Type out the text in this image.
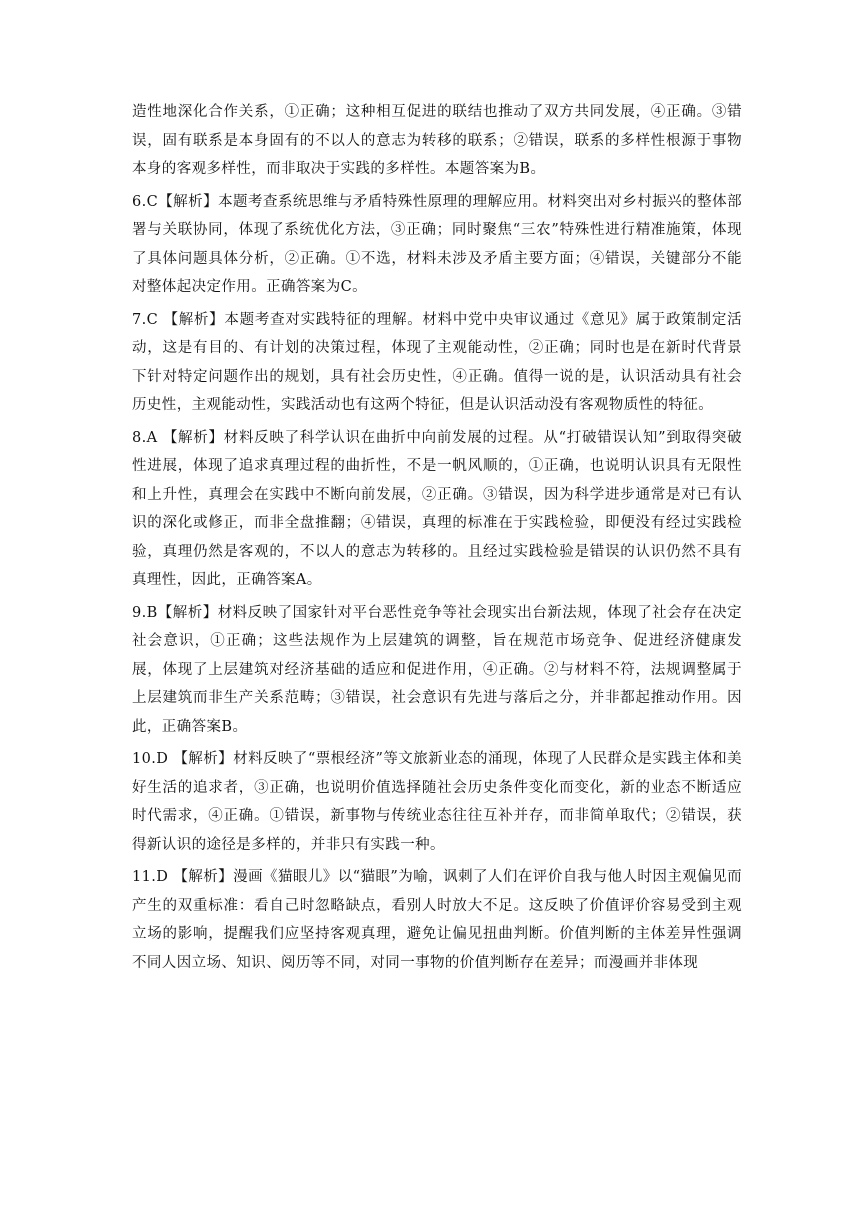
造性地深化合作关系，①正确；这种相互促进的联结也推动了双方共同发展，④正确。③错误，固有联系是本身固有的不以人的意志为转移的联系；②错误，联系的多样性根源于事物本身的客观多样性，而非取决于实践的多样性。本题答案为B。

6.C【解析】本题考查系统思维与矛盾特殊性原理的理解应用。材料突出对乡村振兴的整体部署与关联协同，体现了系统优化方法，③正确；同时聚焦“三农”特殊性进行精准施策，体现了具体问题具体分析，②正确。①不选，材料未涉及矛盾主要方面；④错误，关键部分不能对整体起决定作用。正确答案为C。

7.C 【解析】本题考查对实践特征的理解。材料中党中央审议通过《意见》属于政策制定活动，这是有目的、有计划的决策过程，体现了主观能动性，②正确；同时也是在新时代背景下针对特定问题作出的规划，具有社会历史性，④正确。值得一说的是，认识活动具有社会历史性，主观能动性，实践活动也有这两个特征，但是认识活动没有客观物质性的特征。

8.A 【解析】材料反映了科学认识在曲折中向前发展的过程。从“打破错误认知”到取得突破性进展，体现了追求真理过程的曲折性，不是一帆风顺的，①正确，也说明认识具有无限性和上升性，真理会在实践中不断向前发展，②正确。③错误，因为科学进步通常是对已有认识的深化或修正，而非全盘推翻；④错误，真理的标准在于实践检验，即便没有经过实践检验，真理仍然是客观的，不以人的意志为转移的。且经过实践检验是错误的认识仍然不具有真理性，因此，正确答案A。

9.B【解析】材料反映了国家针对平台恶性竞争等社会现实出台新法规，体现了社会存在决定社会意识，①正确；这些法规作为上层建筑的调整，旨在规范市场竞争、促进经济健康发展，体现了上层建筑对经济基础的适应和促进作用，④正确。②与材料不符，法规调整属于上层建筑而非生产关系范畴；③错误，社会意识有先进与落后之分，并非都起推动作用。因此，正确答案B。

10.D 【解析】材料反映了“票根经济”等文旅新业态的涌现，体现了人民群众是实践主体和美好生活的追求者，③正确，也说明价值选择随社会历史条件变化而变化，新的业态不断适应时代需求，④正确。①错误，新事物与传统业态往往互补并存，而非简单取代；②错误，获得新认识的途径是多样的，并非只有实践一种。

11.D 【解析】漫画《猫眼儿》以“猫眼”为喻，讽刺了人们在评价自我与他人时因主观偏见而产生的双重标准：看自己时忽略缺点，看别人时放大不足。这反映了价值评价容易受到主观立场的影响，提醒我们应坚持客观真理，避免让偏见扭曲判断。价值判断的主体差异性强调不同人因立场、知识、阅历等不同，对同一事物的价值判断存在差异；而漫画并非体现
